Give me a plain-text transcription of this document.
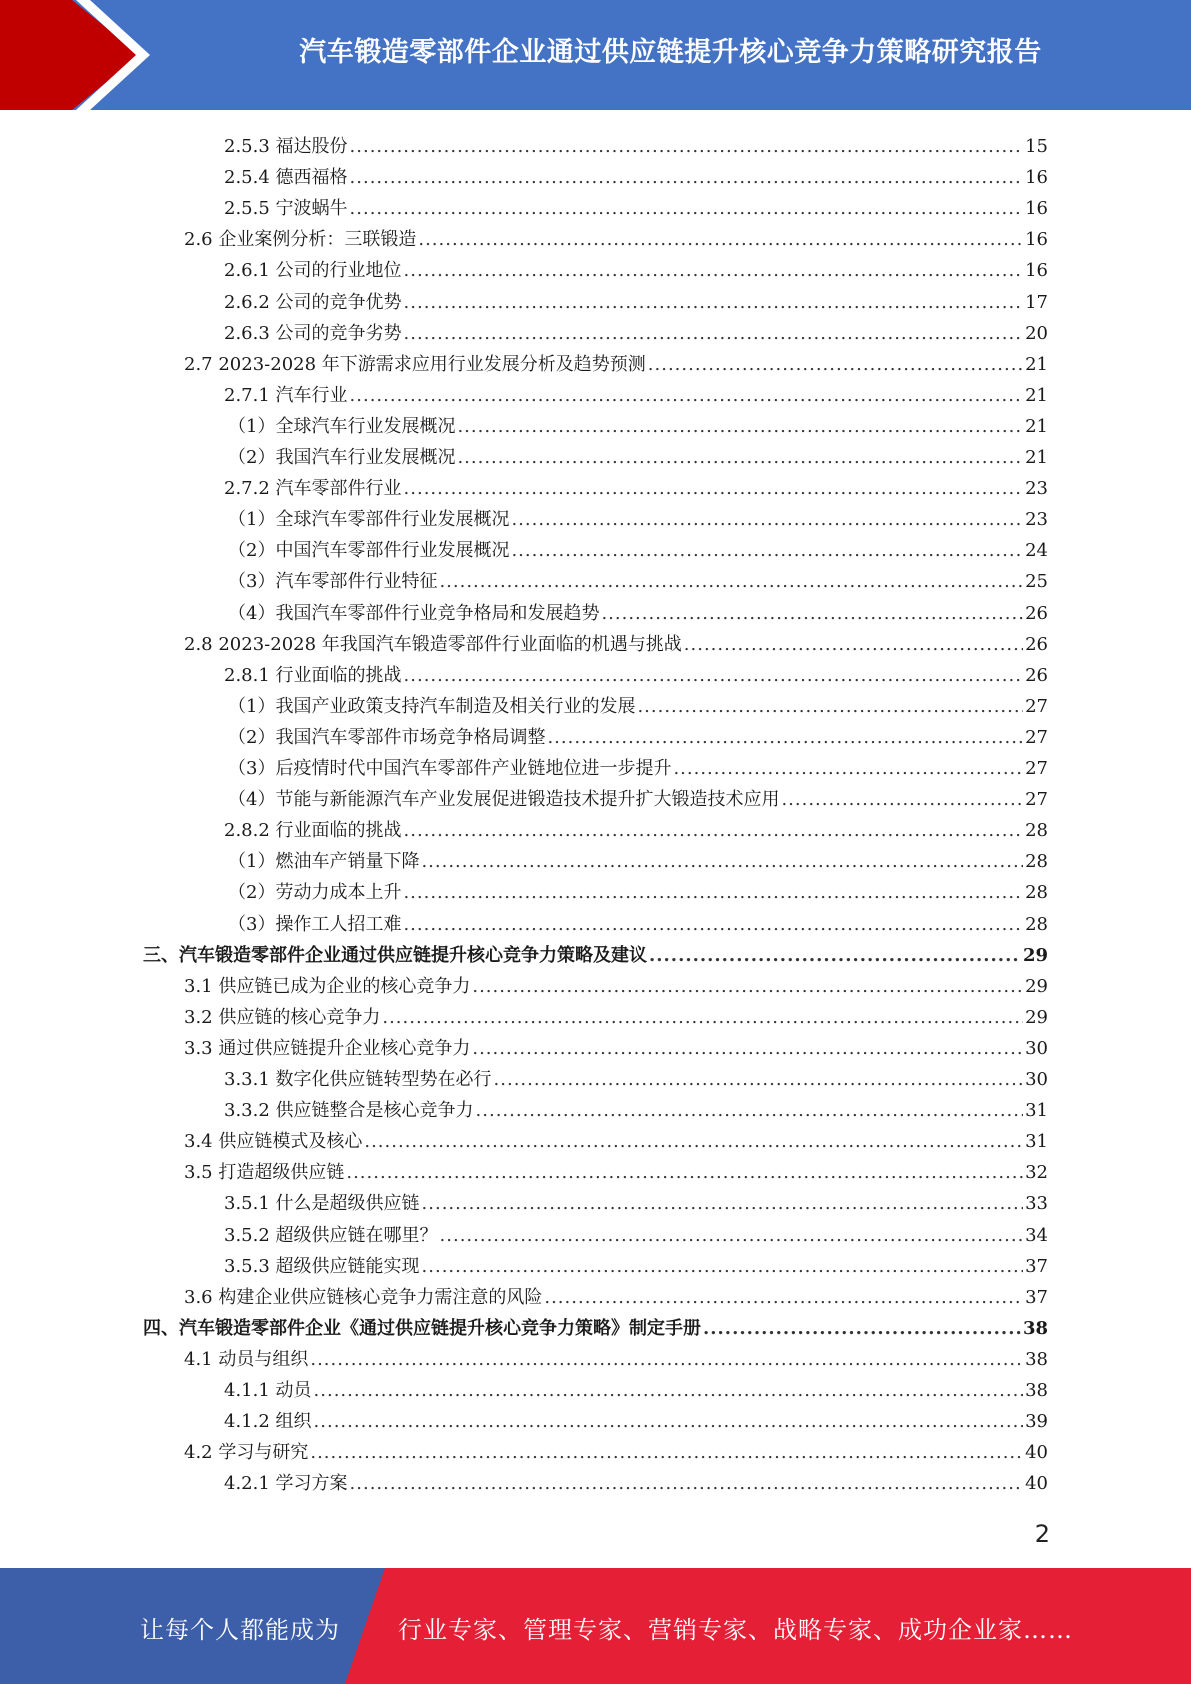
汽车锻造零部件企业通过供应链提升核心竞争力策略研究报告
2.5.3 福达股份 .....	15
2.5.4 德西福格 .....	16
2.5.5 宁波蜗牛 .....	16
2.6 企业案例分析：三联锻造 .....	16
2.6.1 公司的行业地位 .....	16
2.6.2 公司的竞争优势 .....	17
2.6.3 公司的竞争劣势 .....	20
2.7 2023-2028 年下游需求应用行业发展分析及趋势预测 .....	21
2.7.1 汽车行业 .....	21
（1）全球汽车行业发展概况 .....	21
（2）我国汽车行业发展概况 .....	21
2.7.2 汽车零部件行业 .....	23
（1）全球汽车零部件行业发展概况 .....	23
（2）中国汽车零部件行业发展概况 .....	24
（3）汽车零部件行业特征 .....	25
（4）我国汽车零部件行业竞争格局和发展趋势 .....	26
2.8 2023-2028 年我国汽车锻造零部件行业面临的机遇与挑战 .....	26
2.8.1 行业面临的挑战 .....	26
（1）我国产业政策支持汽车制造及相关行业的发展 .....	27
（2）我国汽车零部件市场竞争格局调整 .....	27
（3）后疫情时代中国汽车零部件产业链地位进一步提升 .....	27
（4）节能与新能源汽车产业发展促进锻造技术提升扩大锻造技术应用 .....	27
2.8.2 行业面临的挑战 .....	28
（1）燃油车产销量下降 .....	28
（2）劳动力成本上升 .....	28
（3）操作工人招工难 .....	28
三、汽车锻造零部件企业通过供应链提升核心竞争力策略及建议 .....	29
3.1 供应链已成为企业的核心竞争力 .....	29
3.2 供应链的核心竞争力 .....	29
3.3 通过供应链提升企业核心竞争力 .....	30
3.3.1 数字化供应链转型势在必行 .....	30
3.3.2 供应链整合是核心竞争力 .....	31
3.4 供应链模式及核心 .....	31
3.5 打造超级供应链 .....	32
3.5.1 什么是超级供应链 .....	33
3.5.2 超级供应链在哪里？ .....	34
3.5.3 超级供应链能实现 .....	37
3.6 构建企业供应链核心竞争力需注意的风险 .....	37
四、汽车锻造零部件企业《通过供应链提升核心竞争力策略》制定手册 .....	38
4.1 动员与组织 .....	38
4.1.1 动员 .....	38
4.1.2 组织 .....	39
4.2 学习与研究 .....	40
4.2.1 学习方案 .....	40
2
让每个人都能成为 行业专家、管理专家、营销专家、战略专家、成功企业家……
